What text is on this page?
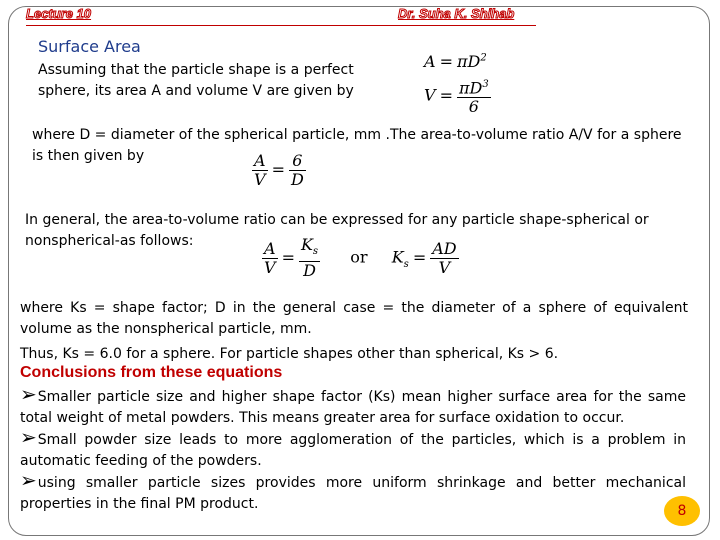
Lecture 10	Dr. Suha K. Shihab
Surface Area
Assuming that the particle shape is a perfect sphere, its area A and volume V are given by
$A = \pi D^2$
$V = \frac{\pi D^3}{6}$
where D = diameter of the spherical particle, mm .The area-to-volume ratio A/V for a sphere is then given by	$\frac{A}{V} = \frac{6}{D}$
In general, the area-to-volume ratio can be expressed for any particle shape-spherical or nonspherical-as follows:	$\frac{A}{V} = \frac{K_s}{D}$ or $K_s = \frac{AD}{V}$
where Ks = shape factor; D in the general case = the diameter of a sphere of equivalent volume as the nonspherical particle, mm.
Thus, Ks = 6.0 for a sphere. For particle shapes other than spherical, Ks > 6.
Conclusions from these equations
➢Smaller particle size and higher shape factor (Ks) mean higher surface area for the same total weight of metal powders. This means greater area for surface oxidation to occur.
➢Small powder size leads to more agglomeration of the particles, which is a problem in automatic feeding of the powders.
➢using smaller particle sizes provides more uniform shrinkage and better mechanical properties in the final PM product.	8
